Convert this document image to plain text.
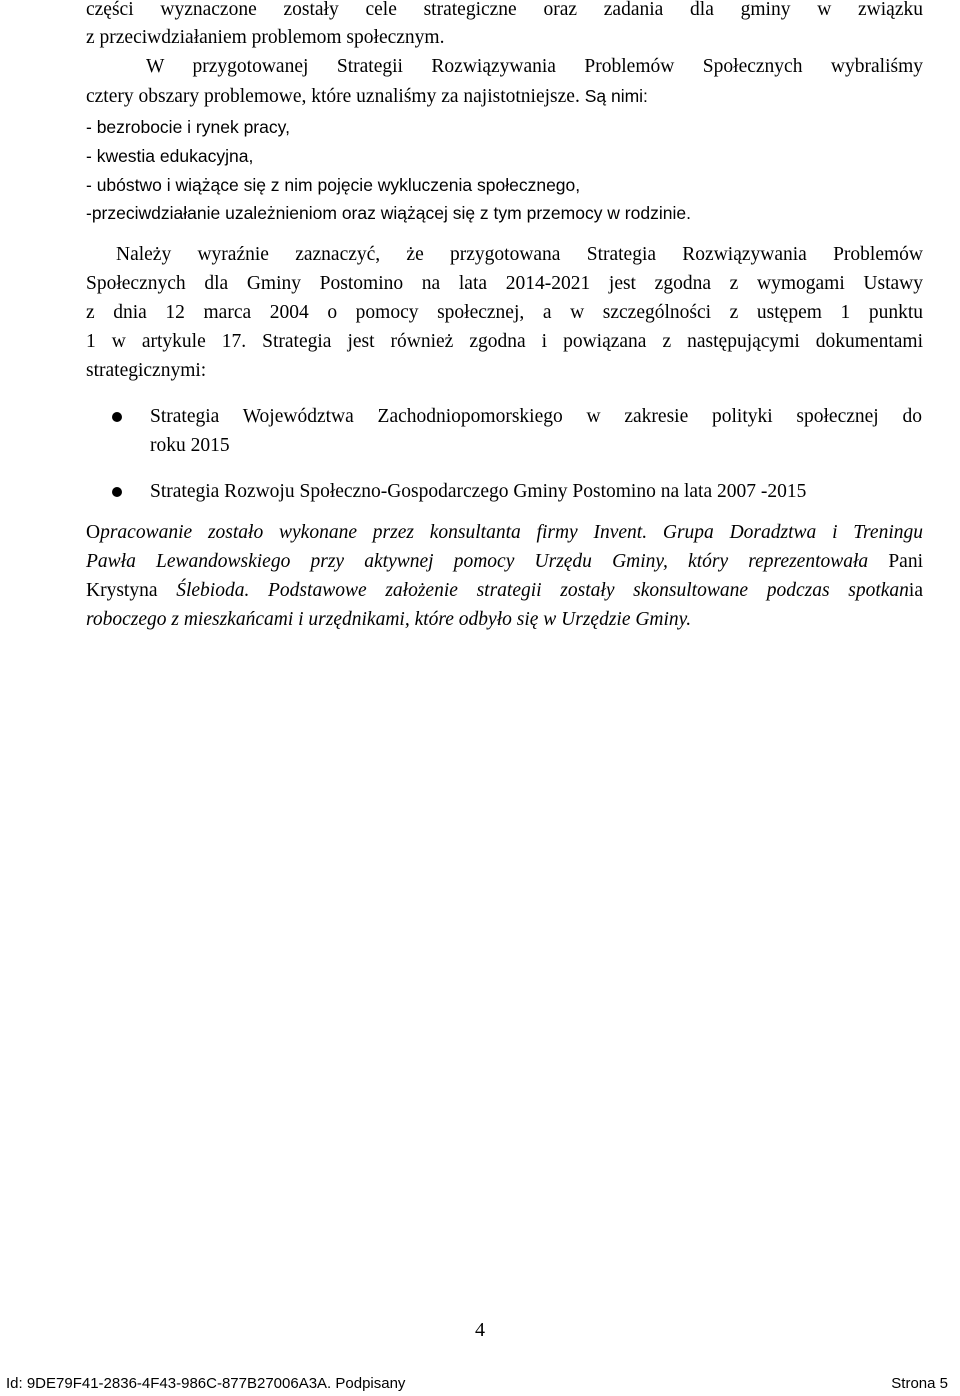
części wyznaczone zostały cele strategiczne oraz zadania dla gminy w związku
z przeciwdziałaniem problemom społecznym.
W przygotowanej Strategii Rozwiązywania Problemów Społecznych wybraliśmy
cztery obszary problemowe, które uznaliśmy za najistotniejsze. Są nimi:
- bezrobocie i rynek pracy,
- kwestia edukacyjna,
- ubóstwo i wiążące się z nim pojęcie wykluczenia społecznego,
-przeciwdziałanie uzależnieniom oraz wiążącej się z tym przemocy w rodzinie.
Należy wyraźnie zaznaczyć, że przygotowana Strategia Rozwiązywania Problemów
Społecznych dla Gminy Postomino na lata 2014-2021 jest zgodna z wymogami Ustawy
z dnia 12 marca 2004 o pomocy społecznej, a w szczególności z ustępem 1 punktu
1 w artykule 17. Strategia jest również zgodna i powiązana z następującymi dokumentami
strategicznymi:
Strategia Województwa Zachodniopomorskiego w zakresie polityki społecznej do
roku 2015
Strategia Rozwoju Społeczno-Gospodarczego Gminy Postomino na lata 2007 -2015
Opracowanie zostało wykonane przez konsultanta firmy Invent. Grupa Doradztwa i Treningu
Pawła Lewandowskiego przy aktywnej pomocy Urzędu Gminy, który reprezentowała Pani
Krystyna Ślebioda. Podstawowe założenie strategii zostały skonsultowane podczas spotkania
roboczego z mieszkańcami i urzędnikami, które odbyło się w Urzędzie Gminy.
4
Id: 9DE79F41-2836-4F43-986C-877B27006A3A. Podpisany	Strona 5
